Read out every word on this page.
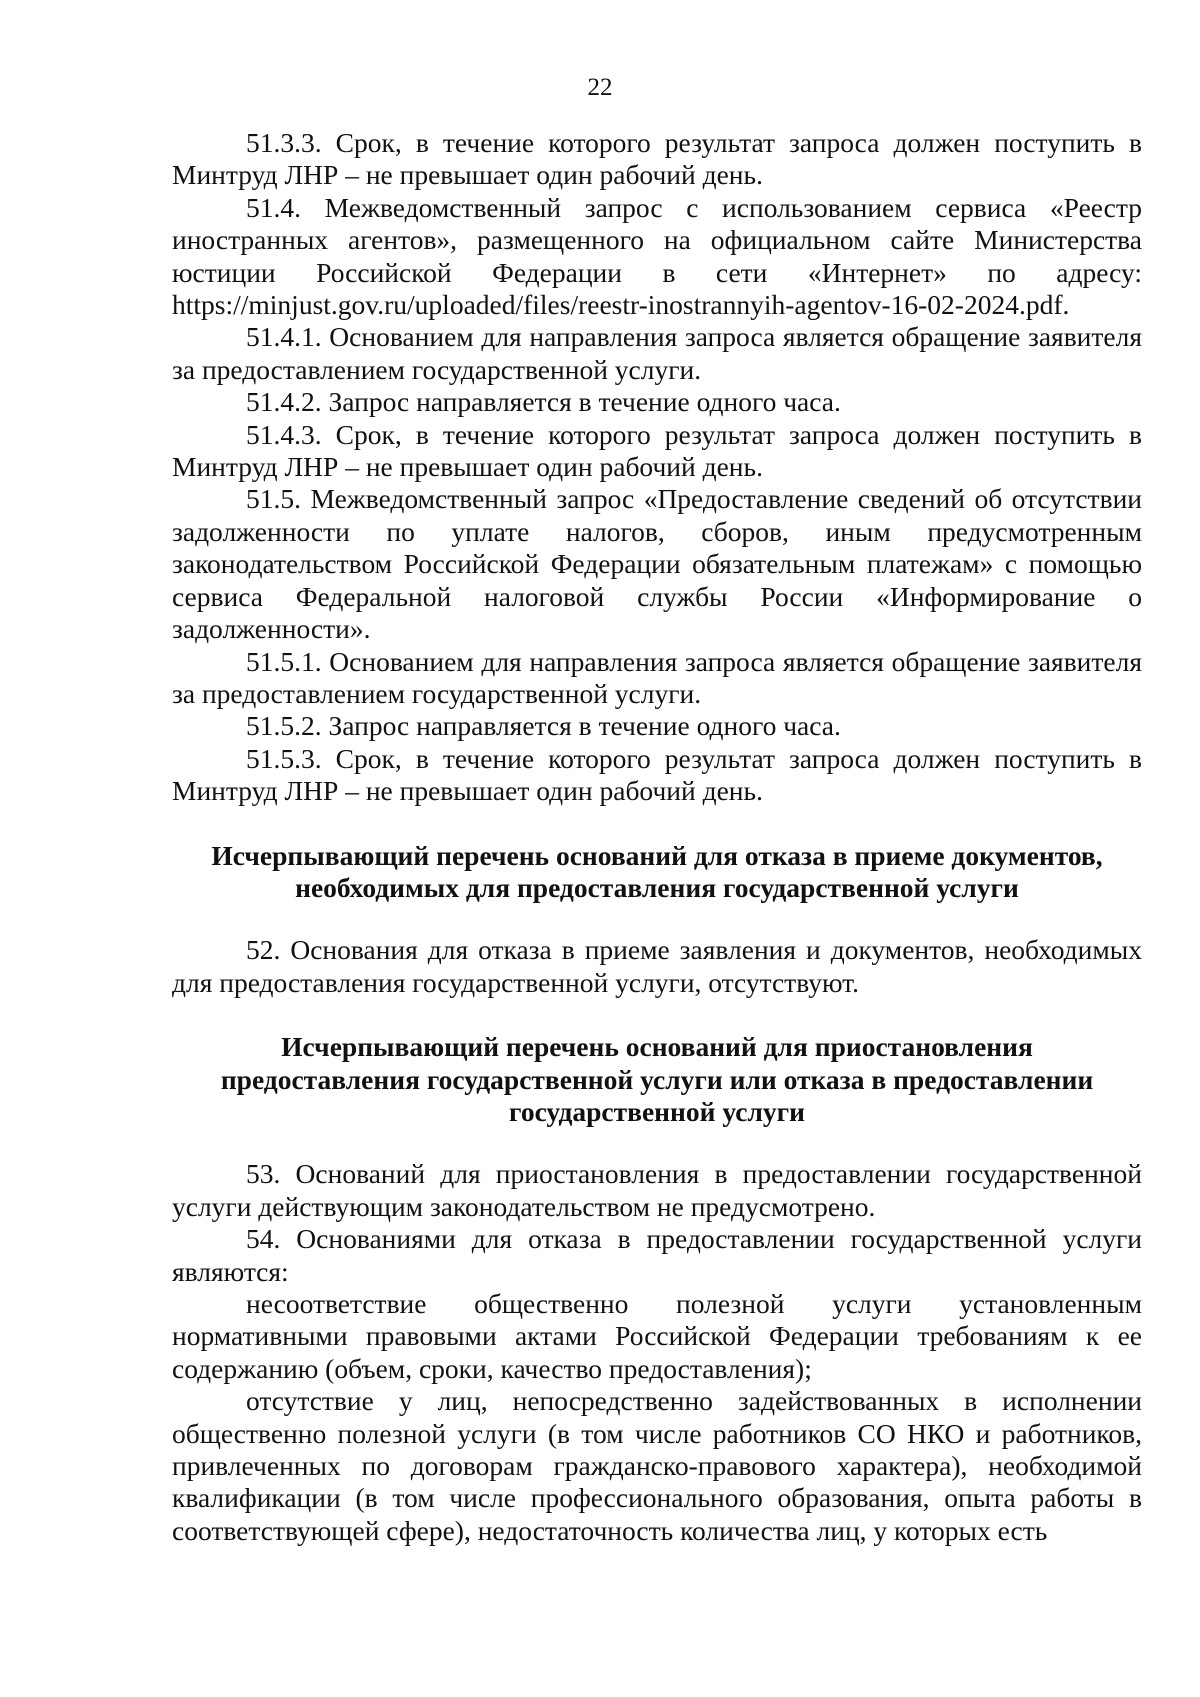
22

51.3.3. Срок, в течение которого результат запроса должен поступить в Минтруд ЛНР – не превышает один рабочий день.

51.4. Межведомственный запрос с использованием сервиса «Реестр иностранных агентов», размещенного на официальном сайте Министерства юстиции Российской Федерации в сети «Интернет» по адресу: https://minjust.gov.ru/uploaded/files/reestr-inostrannyih-agentov-16-02-2024.pdf.

51.4.1. Основанием для направления запроса является обращение заявителя за предоставлением государственной услуги.

51.4.2. Запрос направляется в течение одного часа.

51.4.3. Срок, в течение которого результат запроса должен поступить в Минтруд ЛНР – не превышает один рабочий день.

51.5. Межведомственный запрос «Предоставление сведений об отсутствии задолженности по уплате налогов, сборов, иным предусмотренным законодательством Российской Федерации обязательным платежам» с помощью сервиса Федеральной налоговой службы России «Информирование о задолженности».

51.5.1. Основанием для направления запроса является обращение заявителя за предоставлением государственной услуги.

51.5.2. Запрос направляется в течение одного часа.

51.5.3. Срок, в течение которого результат запроса должен поступить в Минтруд ЛНР – не превышает один рабочий день.

Исчерпывающий перечень оснований для отказа в приеме документов,
необходимых для предоставления государственной услуги

52. Основания для отказа в приеме заявления и документов, необходимых для предоставления государственной услуги, отсутствуют.

Исчерпывающий перечень оснований для приостановления
предоставления государственной услуги или отказа в предоставлении
государственной услуги

53. Оснований для приостановления в предоставлении государственной услуги действующим законодательством не предусмотрено.

54. Основаниями для отказа в предоставлении государственной услуги являются:

несоответствие общественно полезной услуги установленным нормативными правовыми актами Российской Федерации требованиям к ее содержанию (объем, сроки, качество предоставления);

отсутствие у лиц, непосредственно задействованных в исполнении общественно полезной услуги (в том числе работников СО НКО и работников, привлеченных по договорам гражданско-правового характера), необходимой квалификации (в том числе профессионального образования, опыта работы в соответствующей сфере), недостаточность количества лиц, у которых есть
